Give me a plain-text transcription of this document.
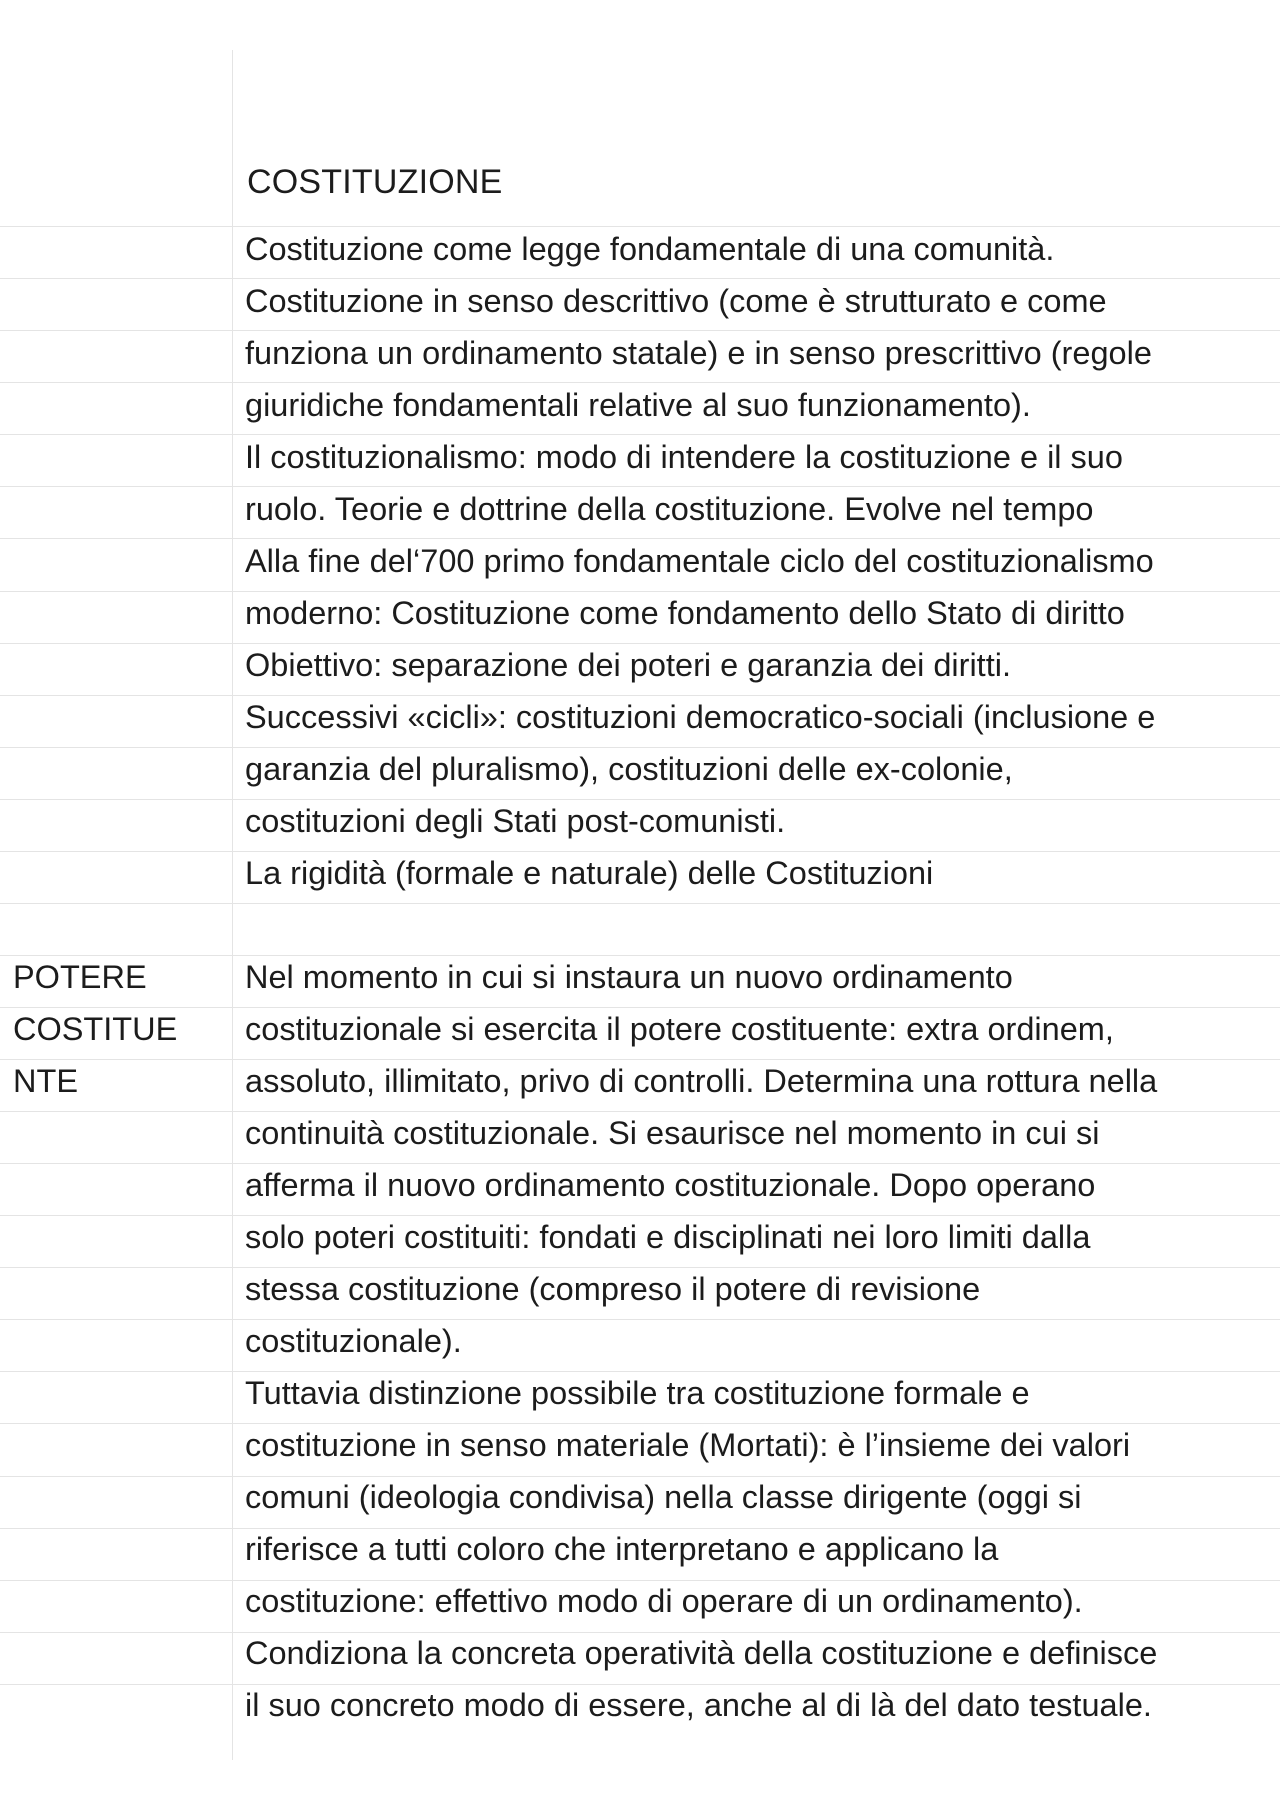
COSTITUZIONE
Costituzione come legge fondamentale di una comunità.
Costituzione in senso descrittivo (come è strutturato e come
funziona un ordinamento statale) e in senso prescrittivo (regole
giuridiche fondamentali relative al suo funzionamento).
Il costituzionalismo: modo di intendere la costituzione e il suo
ruolo. Teorie e dottrine della costituzione. Evolve nel tempo
Alla fine del‘700 primo fondamentale ciclo del costituzionalismo
moderno: Costituzione come fondamento dello Stato di diritto
Obiettivo: separazione dei poteri e garanzia dei diritti.
Successivi «cicli»: costituzioni democratico-sociali (inclusione e
garanzia del pluralismo), costituzioni delle ex-colonie,
costituzioni degli Stati post-comunisti.
La rigidità (formale e naturale) delle Costituzioni
POTERE
COSTITUE
NTE
Nel momento in cui si instaura un nuovo ordinamento
costituzionale si esercita il potere costituente: extra ordinem,
assoluto, illimitato, privo di controlli. Determina una rottura nella
continuità costituzionale. Si esaurisce nel momento in cui si
afferma il nuovo ordinamento costituzionale. Dopo operano
solo poteri costituiti: fondati e disciplinati nei loro limiti dalla
stessa costituzione (compreso il potere di revisione
costituzionale).
Tuttavia distinzione possibile tra costituzione formale e
costituzione in senso materiale (Mortati): è l’insieme dei valori
comuni (ideologia condivisa) nella classe dirigente (oggi si
riferisce a tutti coloro che interpretano e applicano la
costituzione: effettivo modo di operare di un ordinamento).
Condiziona la concreta operatività della costituzione e definisce
il suo concreto modo di essere, anche al di là del dato testuale.
